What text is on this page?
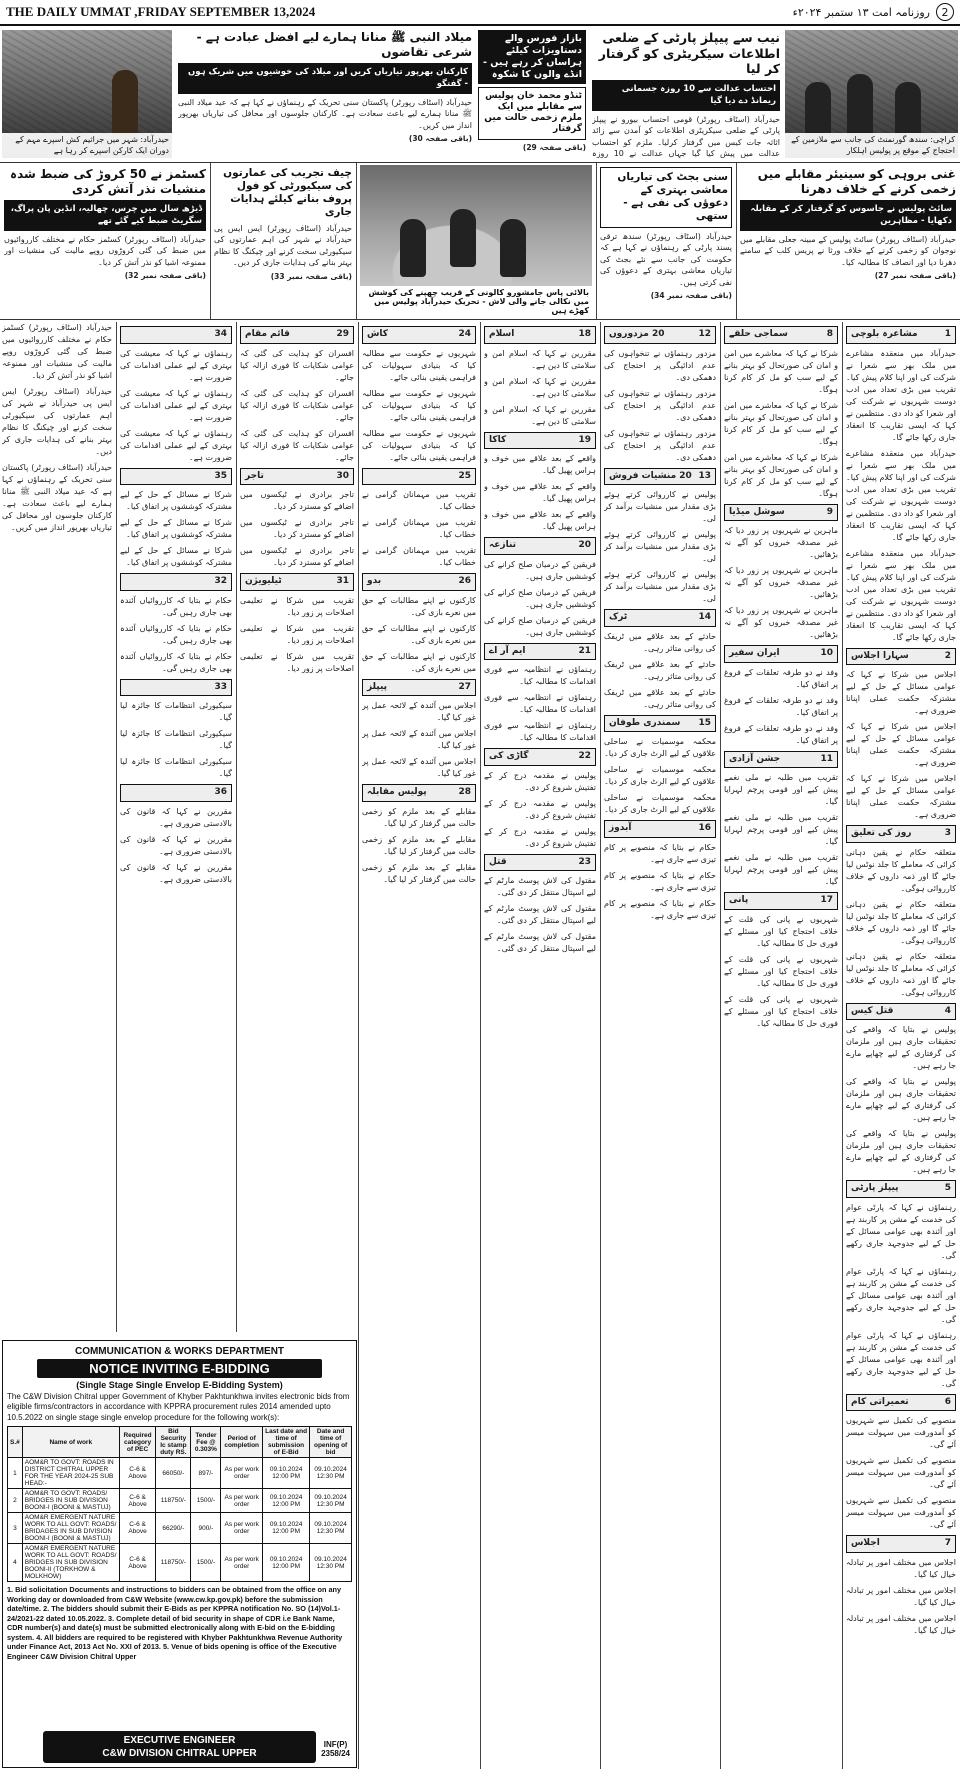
THE DAILY UMMAT ,FRIDAY SEPTEMBER 13,2024	2
روزنامہ امت ۱۳ ستمبر ۲۰۲۴ء
کراچی: سندھ گورنمنٹ کی جانب سے ملازمین کے احتجاج کے موقع پر پولیس اہلکار
نیب سے پیپلز پارٹی کے ضلعی اطلاعات سیکریٹری کو گرفتار کر لیا
احتساب عدالت سے 10 روزہ جسمانی ریمانڈ دے دیا گیا

حیدرآباد (اسٹاف رپورٹر) قومی احتساب بیورو نے پیپلز پارٹی کے ضلعی سیکریٹری اطلاعات کو آمدن سے زائد اثاثہ جات کیس میں گرفتار کرلیا۔ ملزم کو احتساب عدالت میں پیش کیا گیا جہاں عدالت نے 10 روزہ

بازار فورس والے دستاویزات کیلئے ہراساں کر رہے ہیں - انڈے والوں کا شکوہ
ٹنڈو محمد خان پولیس سے مقابلے میں ایک ملزم زخمی حالت میں گرفتار
(باقی صفحہ 29)
میلاد النبی ﷺ منانا ہمارے لیے افضل عبادت ہے - شرعی تقاضوں
کارکنان بھرپور تیاریاں کریں اور میلاد کی خوشیوں میں شریک ہوں - گفتگو

حیدرآباد (اسٹاف رپورٹر) پاکستان سنی تحریک کے رہنماؤں نے کہا ہے کہ عید میلاد النبی ﷺ منانا ہمارے لیے باعث سعادت ہے۔ کارکنان جلوسوں اور محافل کی تیاریاں بھرپور انداز میں کریں۔

(باقی صفحہ 30)
حیدرآباد: شہر میں جراثیم کش اسپرے مہم کے دوران ایک کارکن اسپرے کر رہا ہے
غنی بروہی کو سینیئر مقابلے میں زخمی کرنے کے خلاف دھرنا
سائٹ پولیس نے جاسوس کو گرفتار کر کے مقابلہ دکھایا - مظاہرین

حیدرآباد (اسٹاف رپورٹر) سائٹ پولیس کے مبینہ جعلی مقابلے میں نوجوان کو زخمی کرنے کے خلاف ورثا نے پریس کلب کے سامنے دھرنا دیا اور انصاف کا مطالبہ کیا۔

(باقی صفحہ نمبر 27)
سنی بجٹ کی تیاریاں معاشی بہتری کے دعوؤں کی نفی ہے - ستھی

حیدرآباد (اسٹاف رپورٹر) سندھ ترقی پسند پارٹی کے رہنماؤں نے کہا ہے کہ حکومت کی جانب سے نئے بجٹ کی تیاریاں معاشی بہتری کے دعوؤں کی نفی کرتی ہیں۔

(باقی صفحہ نمبر 34)
بالائی پاس جامشورو کالونی کے قریب چھپنے کی کوشش میں نکالی جانے والی لاش - تحریک حیدرآباد پولیس میں کھڑے ہیں
چیف تجریب کی عمارتوں کی سیکیورٹی کو فول پروف بنانے کیلئے ہدایات جاری

حیدرآباد (اسٹاف رپورٹر) ایس ایس پی حیدرآباد نے شہر کی اہم عمارتوں کی سیکیورٹی سخت کرنے اور چیکنگ کا نظام بہتر بنانے کی ہدایات جاری کر دیں۔

(باقی صفحہ نمبر 33)
کسٹمز نے 50 کروڑ کی ضبط شدہ منشیات نذر آتش کردی
ڈیڑھ سال میں چرس، چھالیہ، انڈین پان پراگ، سگریٹ ضبط کیے گئے تھے

حیدرآباد (اسٹاف رپورٹر) کسٹمز حکام نے مختلف کارروائیوں میں ضبط کی گئی کروڑوں روپے مالیت کی منشیات اور ممنوعہ اشیا کو نذر آتش کر دیا۔

(باقی صفحہ نمبر 32)
1
مشاعرہ بلوچی

حیدرآباد میں منعقدہ مشاعرے میں ملک بھر سے شعرا نے شرکت کی اور اپنا کلام پیش کیا۔ تقریب میں بڑی تعداد میں ادب دوست شہریوں نے شرکت کی اور شعرا کو داد دی۔ منتظمین نے کہا کہ ایسی تقاریب کا انعقاد جاری رکھا جائے گا۔

حیدرآباد میں منعقدہ مشاعرے میں ملک بھر سے شعرا نے شرکت کی اور اپنا کلام پیش کیا۔ تقریب میں بڑی تعداد میں ادب دوست شہریوں نے شرکت کی اور شعرا کو داد دی۔ منتظمین نے کہا کہ ایسی تقاریب کا انعقاد جاری رکھا جائے گا۔

حیدرآباد میں منعقدہ مشاعرے میں ملک بھر سے شعرا نے شرکت کی اور اپنا کلام پیش کیا۔ تقریب میں بڑی تعداد میں ادب دوست شہریوں نے شرکت کی اور شعرا کو داد دی۔ منتظمین نے کہا کہ ایسی تقاریب کا انعقاد جاری رکھا جائے گا۔

2
سہارا اجلاس

اجلاس میں شرکا نے کہا کہ عوامی مسائل کے حل کے لیے مشترکہ حکمت عملی اپنانا ضروری ہے۔

اجلاس میں شرکا نے کہا کہ عوامی مسائل کے حل کے لیے مشترکہ حکمت عملی اپنانا ضروری ہے۔

اجلاس میں شرکا نے کہا کہ عوامی مسائل کے حل کے لیے مشترکہ حکمت عملی اپنانا ضروری ہے۔

3
روز کی تعلیق

متعلقہ حکام نے یقین دہانی کرائی کہ معاملے کا جلد نوٹس لیا جائے گا اور ذمہ داروں کے خلاف کارروائی ہوگی۔

متعلقہ حکام نے یقین دہانی کرائی کہ معاملے کا جلد نوٹس لیا جائے گا اور ذمہ داروں کے خلاف کارروائی ہوگی۔

متعلقہ حکام نے یقین دہانی کرائی کہ معاملے کا جلد نوٹس لیا جائے گا اور ذمہ داروں کے خلاف کارروائی ہوگی۔

4
قتل کیس

پولیس نے بتایا کہ واقعے کی تحقیقات جاری ہیں اور ملزمان کی گرفتاری کے لیے چھاپے مارے جا رہے ہیں۔

پولیس نے بتایا کہ واقعے کی تحقیقات جاری ہیں اور ملزمان کی گرفتاری کے لیے چھاپے مارے جا رہے ہیں۔

پولیس نے بتایا کہ واقعے کی تحقیقات جاری ہیں اور ملزمان کی گرفتاری کے لیے چھاپے مارے جا رہے ہیں۔

5
پیپلز پارٹی

رہنماؤں نے کہا کہ پارٹی عوام کی خدمت کے مشن پر کاربند ہے اور آئندہ بھی عوامی مسائل کے حل کے لیے جدوجہد جاری رکھے گی۔

رہنماؤں نے کہا کہ پارٹی عوام کی خدمت کے مشن پر کاربند ہے اور آئندہ بھی عوامی مسائل کے حل کے لیے جدوجہد جاری رکھے گی۔

رہنماؤں نے کہا کہ پارٹی عوام کی خدمت کے مشن پر کاربند ہے اور آئندہ بھی عوامی مسائل کے حل کے لیے جدوجہد جاری رکھے گی۔

6
تعمیراتی کام

منصوبے کی تکمیل سے شہریوں کو آمدورفت میں سہولت میسر آئے گی۔

منصوبے کی تکمیل سے شہریوں کو آمدورفت میں سہولت میسر آئے گی۔

منصوبے کی تکمیل سے شہریوں کو آمدورفت میں سہولت میسر آئے گی۔

7
اجلاس

اجلاس میں مختلف امور پر تبادلہ خیال کیا گیا۔

اجلاس میں مختلف امور پر تبادلہ خیال کیا گیا۔

اجلاس میں مختلف امور پر تبادلہ خیال کیا گیا۔

8
سماجی حلقے

شرکا نے کہا کہ معاشرے میں امن و امان کی صورتحال کو بہتر بنانے کے لیے سب کو مل کر کام کرنا ہوگا۔

شرکا نے کہا کہ معاشرے میں امن و امان کی صورتحال کو بہتر بنانے کے لیے سب کو مل کر کام کرنا ہوگا۔

شرکا نے کہا کہ معاشرے میں امن و امان کی صورتحال کو بہتر بنانے کے لیے سب کو مل کر کام کرنا ہوگا۔

9
سوشل میڈیا

ماہرین نے شہریوں پر زور دیا کہ غیر مصدقہ خبروں کو آگے نہ بڑھائیں۔

ماہرین نے شہریوں پر زور دیا کہ غیر مصدقہ خبروں کو آگے نہ بڑھائیں۔

ماہرین نے شہریوں پر زور دیا کہ غیر مصدقہ خبروں کو آگے نہ بڑھائیں۔

10
ایران سفیر

وفد نے دو طرفہ تعلقات کے فروغ پر اتفاق کیا۔

وفد نے دو طرفہ تعلقات کے فروغ پر اتفاق کیا۔

وفد نے دو طرفہ تعلقات کے فروغ پر اتفاق کیا۔

11
جشن آزادی

تقریب میں طلبہ نے ملی نغمے پیش کیے اور قومی پرچم لہرایا گیا۔

تقریب میں طلبہ نے ملی نغمے پیش کیے اور قومی پرچم لہرایا گیا۔

تقریب میں طلبہ نے ملی نغمے پیش کیے اور قومی پرچم لہرایا گیا۔

17
پانی

شہریوں نے پانی کی قلت کے خلاف احتجاج کیا اور مسئلے کے فوری حل کا مطالبہ کیا۔

شہریوں نے پانی کی قلت کے خلاف احتجاج کیا اور مسئلے کے فوری حل کا مطالبہ کیا۔

شہریوں نے پانی کی قلت کے خلاف احتجاج کیا اور مسئلے کے فوری حل کا مطالبہ کیا۔

12
20 مزدوروں

مزدور رہنماؤں نے تنخواہوں کی عدم ادائیگی پر احتجاج کی دھمکی دی۔

مزدور رہنماؤں نے تنخواہوں کی عدم ادائیگی پر احتجاج کی دھمکی دی۔

مزدور رہنماؤں نے تنخواہوں کی عدم ادائیگی پر احتجاج کی دھمکی دی۔

13
20 منشیات فروش

پولیس نے کارروائی کرتے ہوئے بڑی مقدار میں منشیات برآمد کر لی۔

پولیس نے کارروائی کرتے ہوئے بڑی مقدار میں منشیات برآمد کر لی۔

پولیس نے کارروائی کرتے ہوئے بڑی مقدار میں منشیات برآمد کر لی۔

14
ٹرک

حادثے کے بعد علاقے میں ٹریفک کی روانی متاثر رہی۔

حادثے کے بعد علاقے میں ٹریفک کی روانی متاثر رہی۔

حادثے کے بعد علاقے میں ٹریفک کی روانی متاثر رہی۔

15
سمندری طوفان

محکمہ موسمیات نے ساحلی علاقوں کے لیے الرٹ جاری کر دیا۔

محکمہ موسمیات نے ساحلی علاقوں کے لیے الرٹ جاری کر دیا۔

محکمہ موسمیات نے ساحلی علاقوں کے لیے الرٹ جاری کر دیا۔

16
آبدوز

حکام نے بتایا کہ منصوبے پر کام تیزی سے جاری ہے۔

حکام نے بتایا کہ منصوبے پر کام تیزی سے جاری ہے۔

حکام نے بتایا کہ منصوبے پر کام تیزی سے جاری ہے۔

18
اسلام

مقررین نے کہا کہ اسلام امن و سلامتی کا دین ہے۔

مقررین نے کہا کہ اسلام امن و سلامتی کا دین ہے۔

مقررین نے کہا کہ اسلام امن و سلامتی کا دین ہے۔

19
کاکا

واقعے کے بعد علاقے میں خوف و ہراس پھیل گیا۔

واقعے کے بعد علاقے میں خوف و ہراس پھیل گیا۔

واقعے کے بعد علاقے میں خوف و ہراس پھیل گیا۔

20
تنازعہ

فریقین کے درمیان صلح کرانے کی کوششیں جاری ہیں۔

فریقین کے درمیان صلح کرانے کی کوششیں جاری ہیں۔

فریقین کے درمیان صلح کرانے کی کوششیں جاری ہیں۔

21
ایم آر اے

رہنماؤں نے انتظامیہ سے فوری اقدامات کا مطالبہ کیا۔

رہنماؤں نے انتظامیہ سے فوری اقدامات کا مطالبہ کیا۔

رہنماؤں نے انتظامیہ سے فوری اقدامات کا مطالبہ کیا۔

22
گاڑی کی

پولیس نے مقدمہ درج کر کے تفتیش شروع کر دی۔

پولیس نے مقدمہ درج کر کے تفتیش شروع کر دی۔

پولیس نے مقدمہ درج کر کے تفتیش شروع کر دی۔

23
قتل

مقتول کی لاش پوسٹ مارٹم کے لیے اسپتال منتقل کر دی گئی۔

مقتول کی لاش پوسٹ مارٹم کے لیے اسپتال منتقل کر دی گئی۔

مقتول کی لاش پوسٹ مارٹم کے لیے اسپتال منتقل کر دی گئی۔

24
کاش

شہریوں نے حکومت سے مطالبہ کیا کہ بنیادی سہولیات کی فراہمی یقینی بنائی جائے۔

شہریوں نے حکومت سے مطالبہ کیا کہ بنیادی سہولیات کی فراہمی یقینی بنائی جائے۔

شہریوں نے حکومت سے مطالبہ کیا کہ بنیادی سہولیات کی فراہمی یقینی بنائی جائے۔

25

تقریب میں مہمانان گرامی نے خطاب کیا۔

تقریب میں مہمانان گرامی نے خطاب کیا۔

تقریب میں مہمانان گرامی نے خطاب کیا۔

26
بدو

کارکنوں نے اپنے مطالبات کے حق میں نعرے بازی کی۔

کارکنوں نے اپنے مطالبات کے حق میں نعرے بازی کی۔

کارکنوں نے اپنے مطالبات کے حق میں نعرے بازی کی۔

27
پیپلز

اجلاس میں آئندہ کے لائحہ عمل پر غور کیا گیا۔

اجلاس میں آئندہ کے لائحہ عمل پر غور کیا گیا۔

اجلاس میں آئندہ کے لائحہ عمل پر غور کیا گیا۔

28
پولیس مقابلہ

مقابلے کے بعد ملزم کو زخمی حالت میں گرفتار کر لیا گیا۔

مقابلے کے بعد ملزم کو زخمی حالت میں گرفتار کر لیا گیا۔

مقابلے کے بعد ملزم کو زخمی حالت میں گرفتار کر لیا گیا۔

29
قائم مقام

افسران کو ہدایت کی گئی کہ عوامی شکایات کا فوری ازالہ کیا جائے۔

افسران کو ہدایت کی گئی کہ عوامی شکایات کا فوری ازالہ کیا جائے۔

افسران کو ہدایت کی گئی کہ عوامی شکایات کا فوری ازالہ کیا جائے۔

30
تاجر

تاجر برادری نے ٹیکسوں میں اضافے کو مسترد کر دیا۔

تاجر برادری نے ٹیکسوں میں اضافے کو مسترد کر دیا۔

تاجر برادری نے ٹیکسوں میں اضافے کو مسترد کر دیا۔

31
ٹیلیویژن

تقریب میں شرکا نے تعلیمی اصلاحات پر زور دیا۔

تقریب میں شرکا نے تعلیمی اصلاحات پر زور دیا۔

تقریب میں شرکا نے تعلیمی اصلاحات پر زور دیا۔

34

رہنماؤں نے کہا کہ معیشت کی بہتری کے لیے عملی اقدامات کی ضرورت ہے۔

رہنماؤں نے کہا کہ معیشت کی بہتری کے لیے عملی اقدامات کی ضرورت ہے۔

رہنماؤں نے کہا کہ معیشت کی بہتری کے لیے عملی اقدامات کی ضرورت ہے۔

35

شرکا نے مسائل کے حل کے لیے مشترکہ کوششوں پر اتفاق کیا۔

شرکا نے مسائل کے حل کے لیے مشترکہ کوششوں پر اتفاق کیا۔

شرکا نے مسائل کے حل کے لیے مشترکہ کوششوں پر اتفاق کیا۔

32

حکام نے بتایا کہ کارروائیاں آئندہ بھی جاری رہیں گی۔

حکام نے بتایا کہ کارروائیاں آئندہ بھی جاری رہیں گی۔

حکام نے بتایا کہ کارروائیاں آئندہ بھی جاری رہیں گی۔

33

سیکیورٹی انتظامات کا جائزہ لیا گیا۔

سیکیورٹی انتظامات کا جائزہ لیا گیا۔

سیکیورٹی انتظامات کا جائزہ لیا گیا۔

36

مقررین نے کہا کہ قانون کی بالادستی ضروری ہے۔

مقررین نے کہا کہ قانون کی بالادستی ضروری ہے۔

مقررین نے کہا کہ قانون کی بالادستی ضروری ہے۔

حیدرآباد (اسٹاف رپورٹر) کسٹمز حکام نے مختلف کارروائیوں میں ضبط کی گئی کروڑوں روپے مالیت کی منشیات اور ممنوعہ اشیا کو نذر آتش کر دیا۔

حیدرآباد (اسٹاف رپورٹر) ایس ایس پی حیدرآباد نے شہر کی اہم عمارتوں کی سیکیورٹی سخت کرنے اور چیکنگ کا نظام بہتر بنانے کی ہدایات جاری کر دیں۔

حیدرآباد (اسٹاف رپورٹر) پاکستان سنی تحریک کے رہنماؤں نے کہا ہے کہ عید میلاد النبی ﷺ منانا ہمارے لیے باعث سعادت ہے۔ کارکنان جلوسوں اور محافل کی تیاریاں بھرپور انداز میں کریں۔

COMMUNICATION & WORKS DEPARTMENT
NOTICE INVITING E-BIDDING
(Single Stage Single Envelop E-Bidding System)
The C&W Division Chitral upper Government of Khyber Pakhtunkhwa invites electronic bids from eligible firms/contractors in accordance with KPPRA procurement rules 2014 amended upto 10.5.2022 on single stage single envelop procedure for the following work(s):
S.#	Name of work	Required category of PEC	Bid Security Ic stamp duty RS.	Tender Fee @ 0.303%	Period of completion	Last date and time of submission of E-Bid	Date and time of opening of bid
1	AOM&R TO GOVT: ROADS IN DISTRICT CHITRAL UPPER FOR THE YEAR 2024-25 SUB HEAD:-	C-6 & Above	66050/-	897/-	As per work order	09.10.2024 12:00 PM	09.10.2024 12:30 PM
2	AOM&R TO GOVT: ROADS/ BRIDGES IN SUB DIVISION BOONI-I (BOONI & MASTUJ)	C-6 & Above	118750/-	1500/-	As per work order	09.10.2024 12:00 PM	09.10.2024 12:30 PM
3	AOM&R EMERGENT NATURE WORK TO ALL GOVT: ROADS/ BRIDAGES IN SUB DIVISION BOONI-I (BOONI & MASTUJ)	C-6 & Above	66290/-	900/-	As per work order	09.10.2024 12:00 PM	09.10.2024 12:30 PM
4	AOM&R EMERGENT NATURE WORK TO ALL GOVT: ROADS/ BRIDGES IN SUB DIVISION BOONI-II (TORKHOW & MOLKHOW)	C-6 & Above	118750/-	1500/-	As per work order	09.10.2024 12:00 PM	09.10.2024 12:30 PM
1. Bid solicitation Documents and instructions to bidders can be obtained from the office on any Working day or downloaded from C&W Website (www.cw.kp.gov.pk) before the submission date/time. 2. The bidders should submit their E-Bids as per KPPRA notification No. SO (14)Vol.1-24/2021-22 dated 10.05.2022. 3. Complete detail of bid security in shape of CDR i.e Bank Name, CDR number(s) and date(s) must be submitted electronically along with E-bid on the E-bidding system. 4. All bidders are required to be registered with Khyber Pakhtunkhwa Revenue Authority under Finance Act, 2013 Act No. XXI of 2013. 5. Venue of bids opening is office of the Executive Engineer C&W Division Chitral Upper
EXECUTIVE ENGINEER
C&W DIVISION CHITRAL UPPER
INF(P)
2358/24
